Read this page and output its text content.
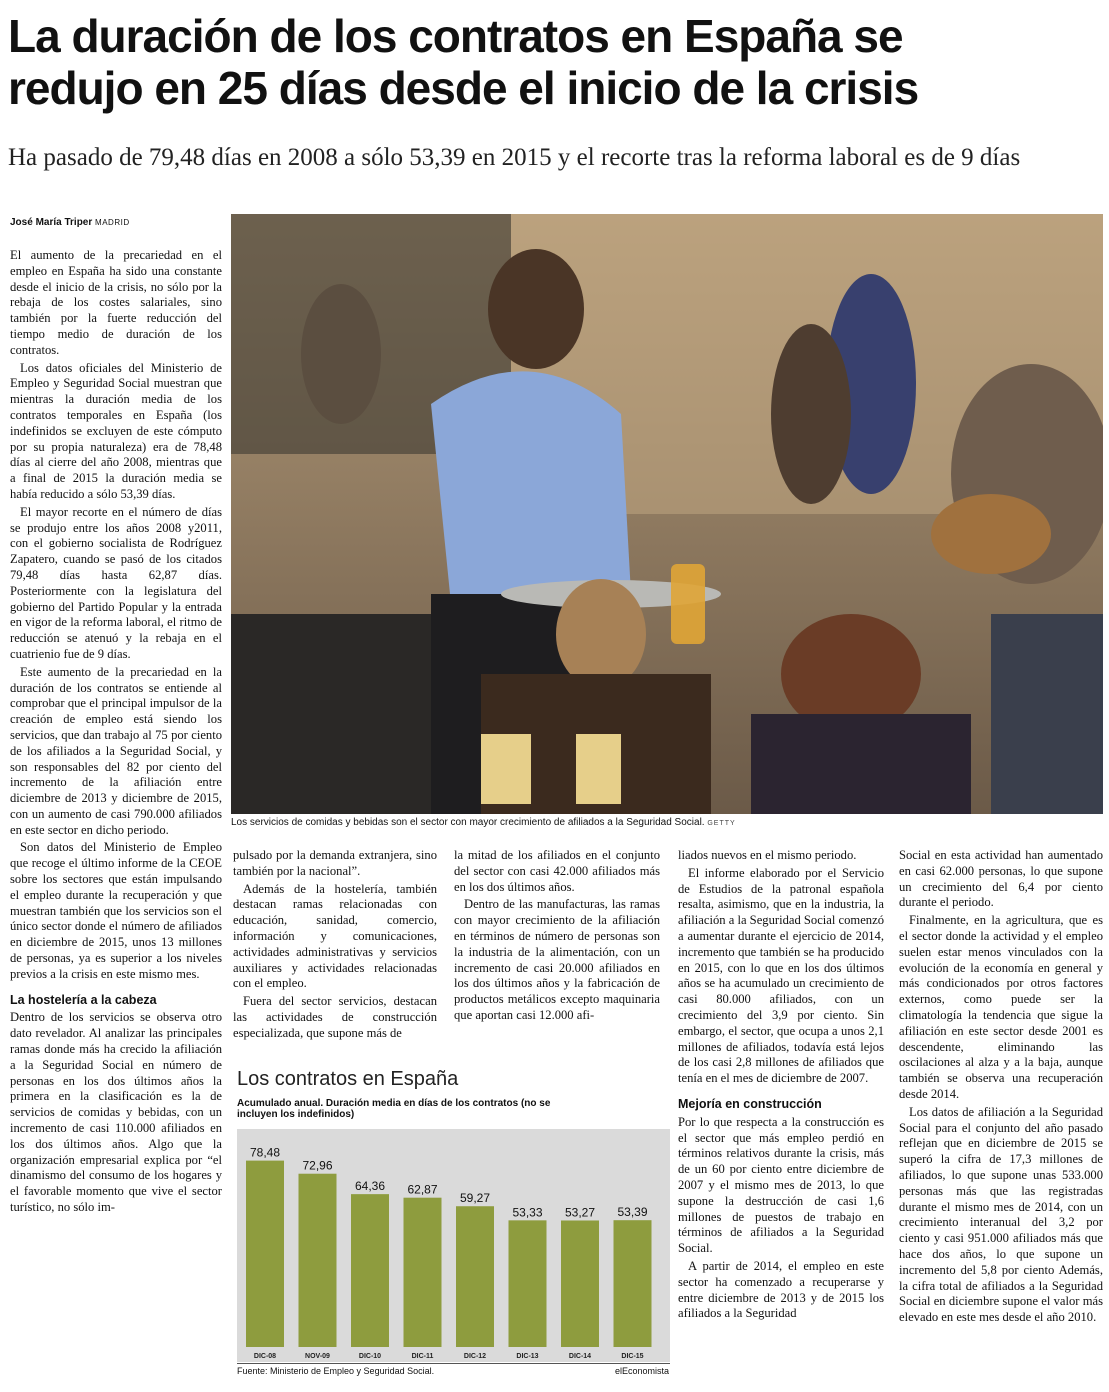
La duración de los contratos en España se
redujo en 25 días desde el inicio de la crisis
Ha pasado de 79,48 días en 2008 a sólo 53,39 en 2015 y el recorte tras la reforma laboral es de 9 días
José María Triper MADRID

El aumento de la precariedad en el empleo en España ha sido una constante desde el inicio de la crisis, no sólo por la rebaja de los costes salariales, sino también por la fuerte reducción del tiempo medio de duración de los contratos.

Los datos oficiales del Ministerio de Empleo y Seguridad Social muestran que mientras la duración media de los contratos temporales en España (los indefinidos se excluyen de este cómputo por su propia naturaleza) era de 78,48 días al cierre del año 2008, mientras que a final de 2015 la duración media se había reducido a sólo 53,39 días.

El mayor recorte en el número de días se produjo entre los años 2008 y2011, con el gobierno socialista de Rodríguez Zapatero, cuando se pasó de los citados 79,48 días hasta 62,87 días. Posteriormente con la legislatura del gobierno del Partido Popular y la entrada en vigor de la reforma laboral, el ritmo de reducción se atenuó y la rebaja en el cuatrienio fue de 9 días.

Este aumento de la precariedad en la duración de los contratos se entiende al comprobar que el principal impulsor de la creación de empleo está siendo los servicios, que dan trabajo al 75 por ciento de los afiliados a la Seguridad Social, y son responsables del 82 por ciento del incremento de la afiliación entre diciembre de 2013 y diciembre de 2015, con un aumento de casi 790.000 afiliados en este sector en dicho periodo.

Son datos del Ministerio de Empleo que recoge el último informe de la CEOE sobre los sectores que están impulsando el empleo durante la recuperación y que muestran también que los servicios son el único sector donde el número de afiliados en diciembre de 2015, unos 13 millones de personas, ya es superior a los niveles previos a la crisis en este mismo mes.

La hostelería a la cabeza

Dentro de los servicios se observa otro dato revelador. Al analizar las principales ramas donde más ha crecido la afiliación a la Seguridad Social en número de personas en los dos últimos años la primera en la clasificación es la de servicios de comidas y bebidas, con un incremento de casi 110.000 afiliados en los dos últimos años. Algo que la organización empresarial explica por “el dinamismo del consumo de los hogares y el favorable momento que vive el sector turístico, no sólo im-

Los servicios de comidas y bebidas son el sector con mayor crecimiento de afiliados a la Seguridad Social. GETTY

pulsado por la demanda extranjera, sino también por la nacional”.

Además de la hostelería, también destacan ramas relacionadas con educación, sanidad, comercio, información y comunicaciones, actividades administrativas y servicios auxiliares y actividades relacionadas con el empleo.

Fuera del sector servicios, destacan las actividades de construcción especializada, que supone más de

la mitad de los afiliados en el conjunto del sector con casi 42.000 afiliados más en los dos últimos años.

Dentro de las manufacturas, las ramas con mayor crecimiento de la afiliación en términos de número de personas son la industria de la alimentación, con un incremento de casi 20.000 afiliados en los dos últimos años y la fabricación de productos metálicos excepto maquinaria que aportan casi 12.000 afi-

liados nuevos en el mismo periodo.

El informe elaborado por el Servicio de Estudios de la patronal española resalta, asimismo, que en la industria, la afiliación a la Seguridad Social comenzó a aumentar durante el ejercicio de 2014, incremento que también se ha producido en 2015, con lo que en los dos últimos años se ha acumulado un crecimiento de casi 80.000 afiliados, con un crecimiento del 3,9 por ciento. Sin embargo, el sector, que ocupa a unos 2,1 millones de afiliados, todavía está lejos de los casi 2,8 millones de afiliados que tenía en el mes de diciembre de 2007.

Mejoría en construcción

Por lo que respecta a la construcción es el sector que más empleo perdió en términos relativos durante la crisis, más de un 60 por ciento entre diciembre de 2007 y el mismo mes de 2013, lo que supone la destrucción de casi 1,6 millones de puestos de trabajo en términos de afiliados a la Seguridad Social.

A partir de 2014, el empleo en este sector ha comenzado a recuperarse y entre diciembre de 2013 y de 2015 los afiliados a la Seguridad

Social en esta actividad han aumentado en casi 62.000 personas, lo que supone un crecimiento del 6,4 por ciento durante el periodo.

Finalmente, en la agricultura, que es el sector donde la actividad y el empleo suelen estar menos vinculados con la evolución de la economía en general y más condicionados por otros factores externos, como puede ser la climatología la tendencia que sigue la afiliación en este sector desde 2001 es descendente, eliminando las oscilaciones al alza y a la baja, aunque también se observa una recuperación desde 2014.

Los datos de afiliación a la Seguridad Social para el conjunto del año pasado reflejan que en diciembre de 2015 se superó la cifra de 17,3 millones de afiliados, lo que supone unas 533.000 personas más que las registradas durante el mismo mes de 2014, con un crecimiento interanual del 3,2 por ciento y casi 951.000 afiliados más que hace dos años, lo que supone un incremento del 5,8 por ciento Además, la cifra total de afiliados a la Seguridad Social en diciembre supone el valor más elevado en este mes desde el año 2010.

Los contratos en España
Acumulado anual. Duración media en días de los contratos (no se incluyen los indefinidos)
78,48
DIC-08
72,96
NOV-09
64,36
DIC-10
62,87
DIC-11
59,27
DIC-12
53,33
DIC-13
53,27
DIC-14
53,39
DIC-15
Fuente: Ministerio de Empleo y Seguridad Social.	elEconomista
